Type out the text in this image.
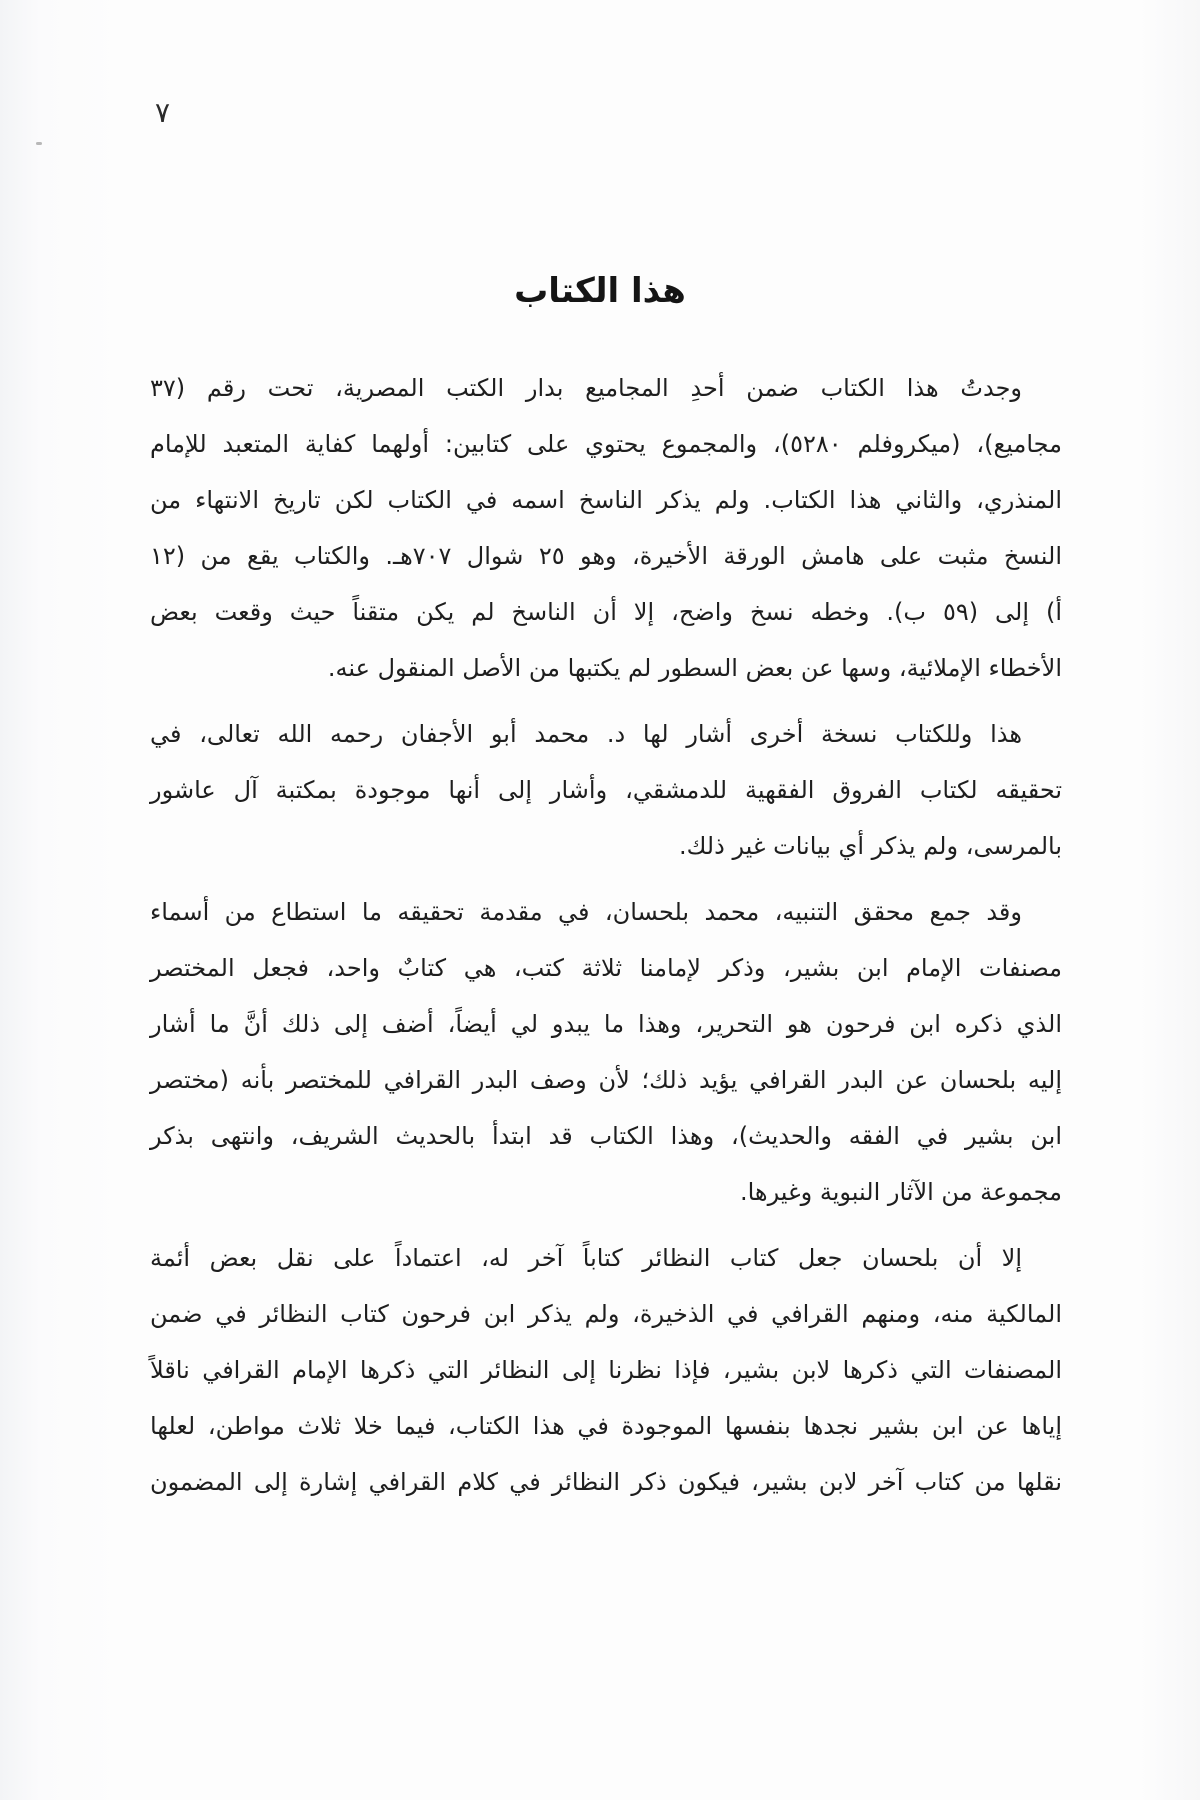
٧
هذا الكتاب
وجدتُ هذا الكتاب ضمن أحدِ المجاميع بدار الكتب المصرية، تحت رقم (٣٧
مجاميع)، (ميكروفلم ٥٢٨٠)، والمجموع يحتوي على كتابين: أولهما كفاية المتعبد للإمام
المنذري، والثاني هذا الكتاب. ولم يذكر الناسخ اسمه في الكتاب لكن تاريخ الانتهاء من
النسخ مثبت على هامش الورقة الأخيرة، وهو ٢٥ شوال ٧٠٧هـ. والكتاب يقع من (١٢
أ) إلى (٥٩ ب). وخطه نسخ واضح، إلا أن الناسخ لم يكن متقناً حيث وقعت بعض
الأخطاء الإملائية، وسها عن بعض السطور لم يكتبها من الأصل المنقول عنه.
هذا وللكتاب نسخة أخرى أشار لها د. محمد أبو الأجفان رحمه الله تعالى، في
تحقيقه لكتاب الفروق الفقهية للدمشقي، وأشار إلى أنها موجودة بمكتبة آل عاشور
بالمرسى، ولم يذكر أي بيانات غير ذلك.
وقد جمع محقق التنبيه، محمد بلحسان، في مقدمة تحقيقه ما استطاع من أسماء
مصنفات الإمام ابن بشير، وذكر لإمامنا ثلاثة كتب، هي كتابٌ واحد، فجعل المختصر
الذي ذكره ابن فرحون هو التحرير، وهذا ما يبدو لي أيضاً، أضف إلى ذلك أنَّ ما أشار
إليه بلحسان عن البدر القرافي يؤيد ذلك؛ لأن وصف البدر القرافي للمختصر بأنه (مختصر
ابن بشير في الفقه والحديث)، وهذا الكتاب قد ابتدأ بالحديث الشريف، وانتهى بذكر
مجموعة من الآثار النبوية وغيرها.
إلا أن بلحسان جعل كتاب النظائر كتاباً آخر له، اعتماداً على نقل بعض أئمة
المالكية منه، ومنهم القرافي في الذخيرة، ولم يذكر ابن فرحون كتاب النظائر في ضمن
المصنفات التي ذكرها لابن بشير، فإذا نظرنا إلى النظائر التي ذكرها الإمام القرافي ناقلاً
إياها عن ابن بشير نجدها بنفسها الموجودة في هذا الكتاب، فيما خلا ثلاث مواطن، لعلها
نقلها من كتاب آخر لابن بشير، فيكون ذكر النظائر في كلام القرافي إشارة إلى المضمون
